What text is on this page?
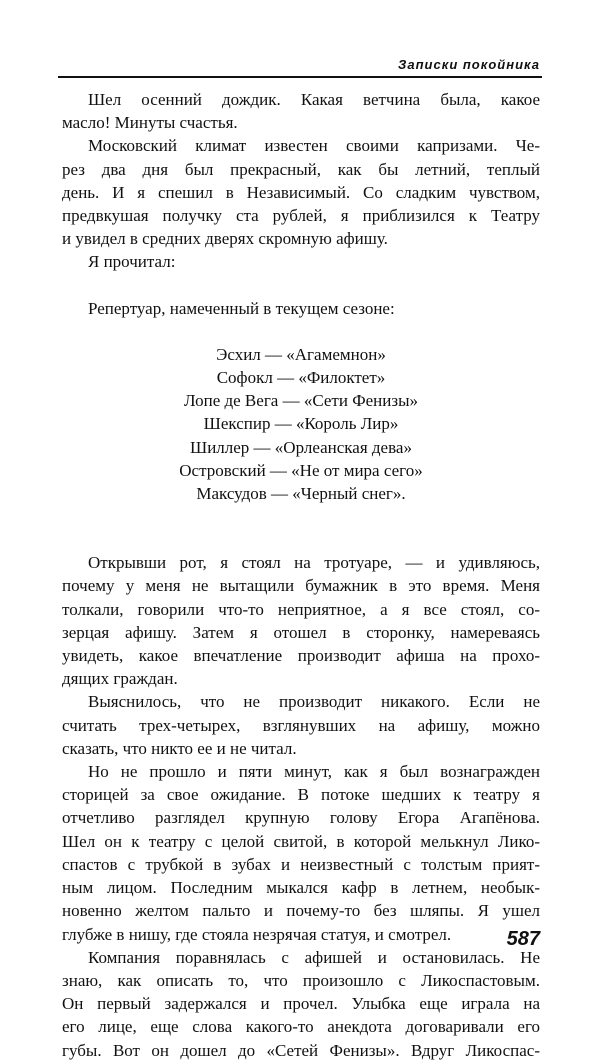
Записки покойника
Шел осенний дождик. Какая ветчина была, какое
масло! Минуты счастья.
Московский климат известен своими капризами. Че-
рез два дня был прекрасный, как бы летний, теплый
день. И я спешил в Независимый. Со сладким чувством,
предвкушая получку ста рублей, я приблизился к Театру
и увидел в средних дверях скромную афишу.
Я прочитал:
Репертуар, намеченный в текущем сезоне:
Эсхил — «Агамемнон»
Софокл — «Филоктет»
Лопе де Вега — «Сети Фенизы»
Шекспир — «Король Лир»
Шиллер — «Орлеанская дева»
Островский — «Не от мира сего»
Максудов — «Черный снег».
Открывши рот, я стоял на тротуаре, — и удивляюсь,
почему у меня не вытащили бумажник в это время. Меня
толкали, говорили что-то неприятное, а я все стоял, со-
зерцая афишу. Затем я отошел в сторонку, намереваясь
увидеть, какое впечатление производит афиша на прохо-
дящих граждан.
Выяснилось, что не производит никакого. Если не
считать трех-четырех, взглянувших на афишу, можно
сказать, что никто ее и не читал.
Но не прошло и пяти минут, как я был вознагражден
сторицей за свое ожидание. В потоке шедших к театру я
отчетливо разглядел крупную голову Егора Агапёнова.
Шел он к театру с целой свитой, в которой мелькнул Лико-
спастов с трубкой в зубах и неизвестный с толстым прият-
ным лицом. Последним мыкался кафр в летнем, необык-
новенно желтом пальто и почему-то без шляпы. Я ушел
глубже в нишу, где стояла незрячая статуя, и смотрел.
Компания поравнялась с афишей и остановилась. Не
знаю, как описать то, что произошло с Ликоспастовым.
Он первый задержался и прочел. Улыбка еще играла на
его лице, еще слова какого-то анекдота договаривали его
губы. Вот он дошел до «Сетей Фенизы». Вдруг Ликоспас-
587
